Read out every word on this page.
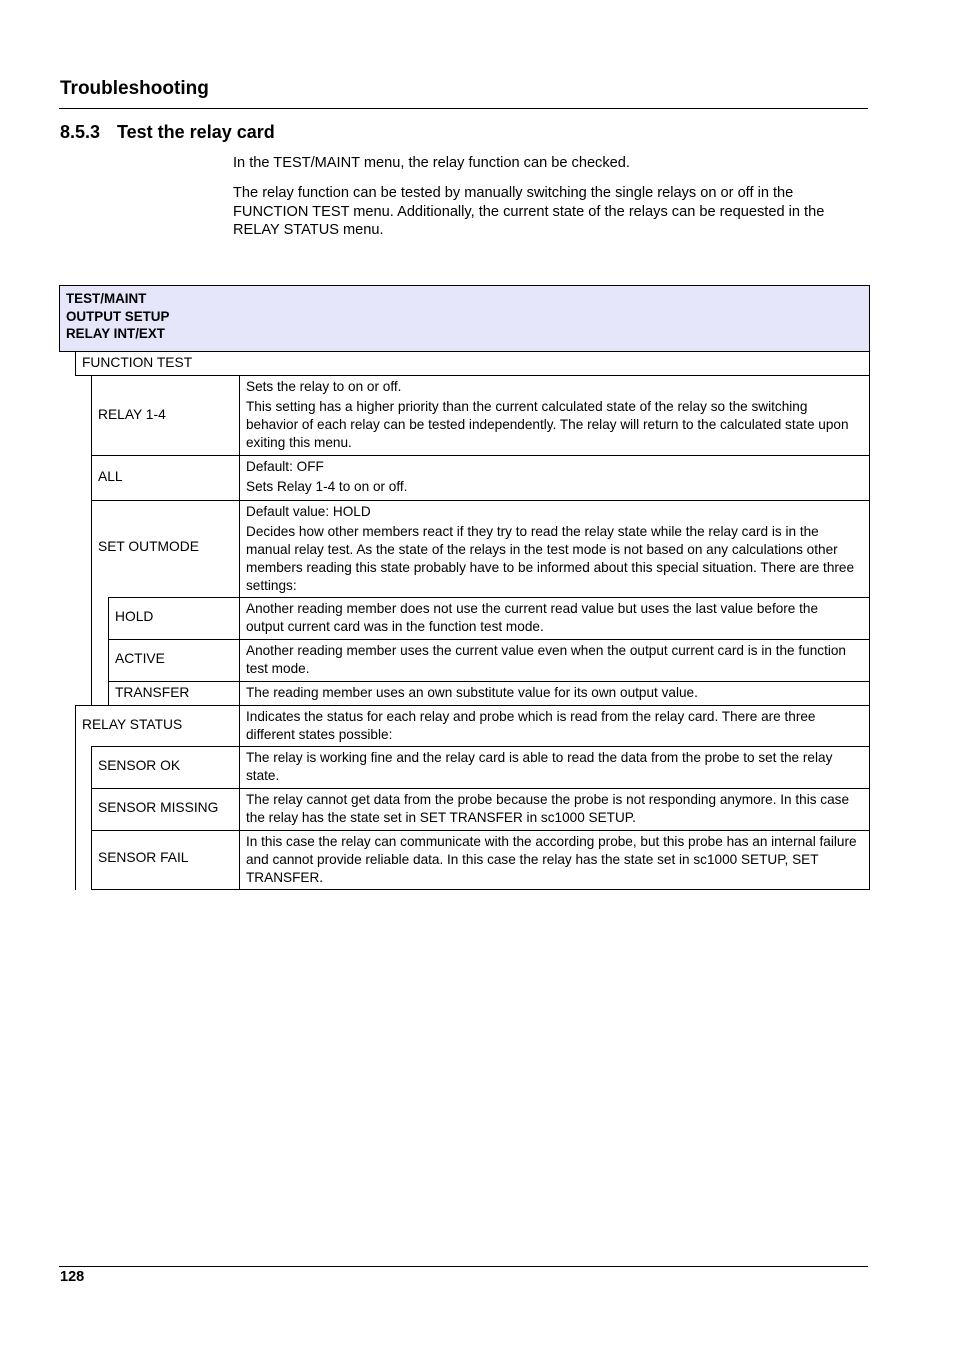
Troubleshooting
8.5.3 Test the relay card
In the TEST/MAINT menu, the relay function can be checked.
The relay function can be tested by manually switching the single relays on or off in the FUNCTION TEST menu. Additionally, the current state of the relays can be requested in the RELAY STATUS menu.
TEST/MAINT
OUTPUT SETUP
RELAY INT/EXT
FUNCTION TEST
RELAY 1-4

Sets the relay to on or off.

This setting has a higher priority than the current calculated state of the relay so the switching behavior of each relay can be tested independently. The relay will return to the calculated state upon exiting this menu.

ALL

Default: OFF

Sets Relay 1-4 to on or off.

SET OUTMODE

Default value: HOLD

Decides how other members react if they try to read the relay state while the relay card is in the manual relay test. As the state of the relays in the test mode is not based on any calculations other members reading this state probably have to be informed about this special situation. There are three settings:

HOLD
Another reading member does not use the current read value but uses the last value before the output current card was in the function test mode.
ACTIVE
Another reading member uses the current value even when the output current card is in the function test mode.
TRANSFER	The reading member uses an own substitute value for its own output value.
RELAY STATUS
Indicates the status for each relay and probe which is read from the relay card. There are three different states possible:
SENSOR OK
The relay is working fine and the relay card is able to read the data from the probe to set the relay state.
SENSOR MISSING
The relay cannot get data from the probe because the probe is not responding anymore. In this case the relay has the state set in SET TRANSFER in sc1000 SETUP.
SENSOR FAIL
In this case the relay can communicate with the according probe, but this probe has an internal failure and cannot provide reliable data. In this case the relay has the state set in sc1000 SETUP, SET TRANSFER.
128
